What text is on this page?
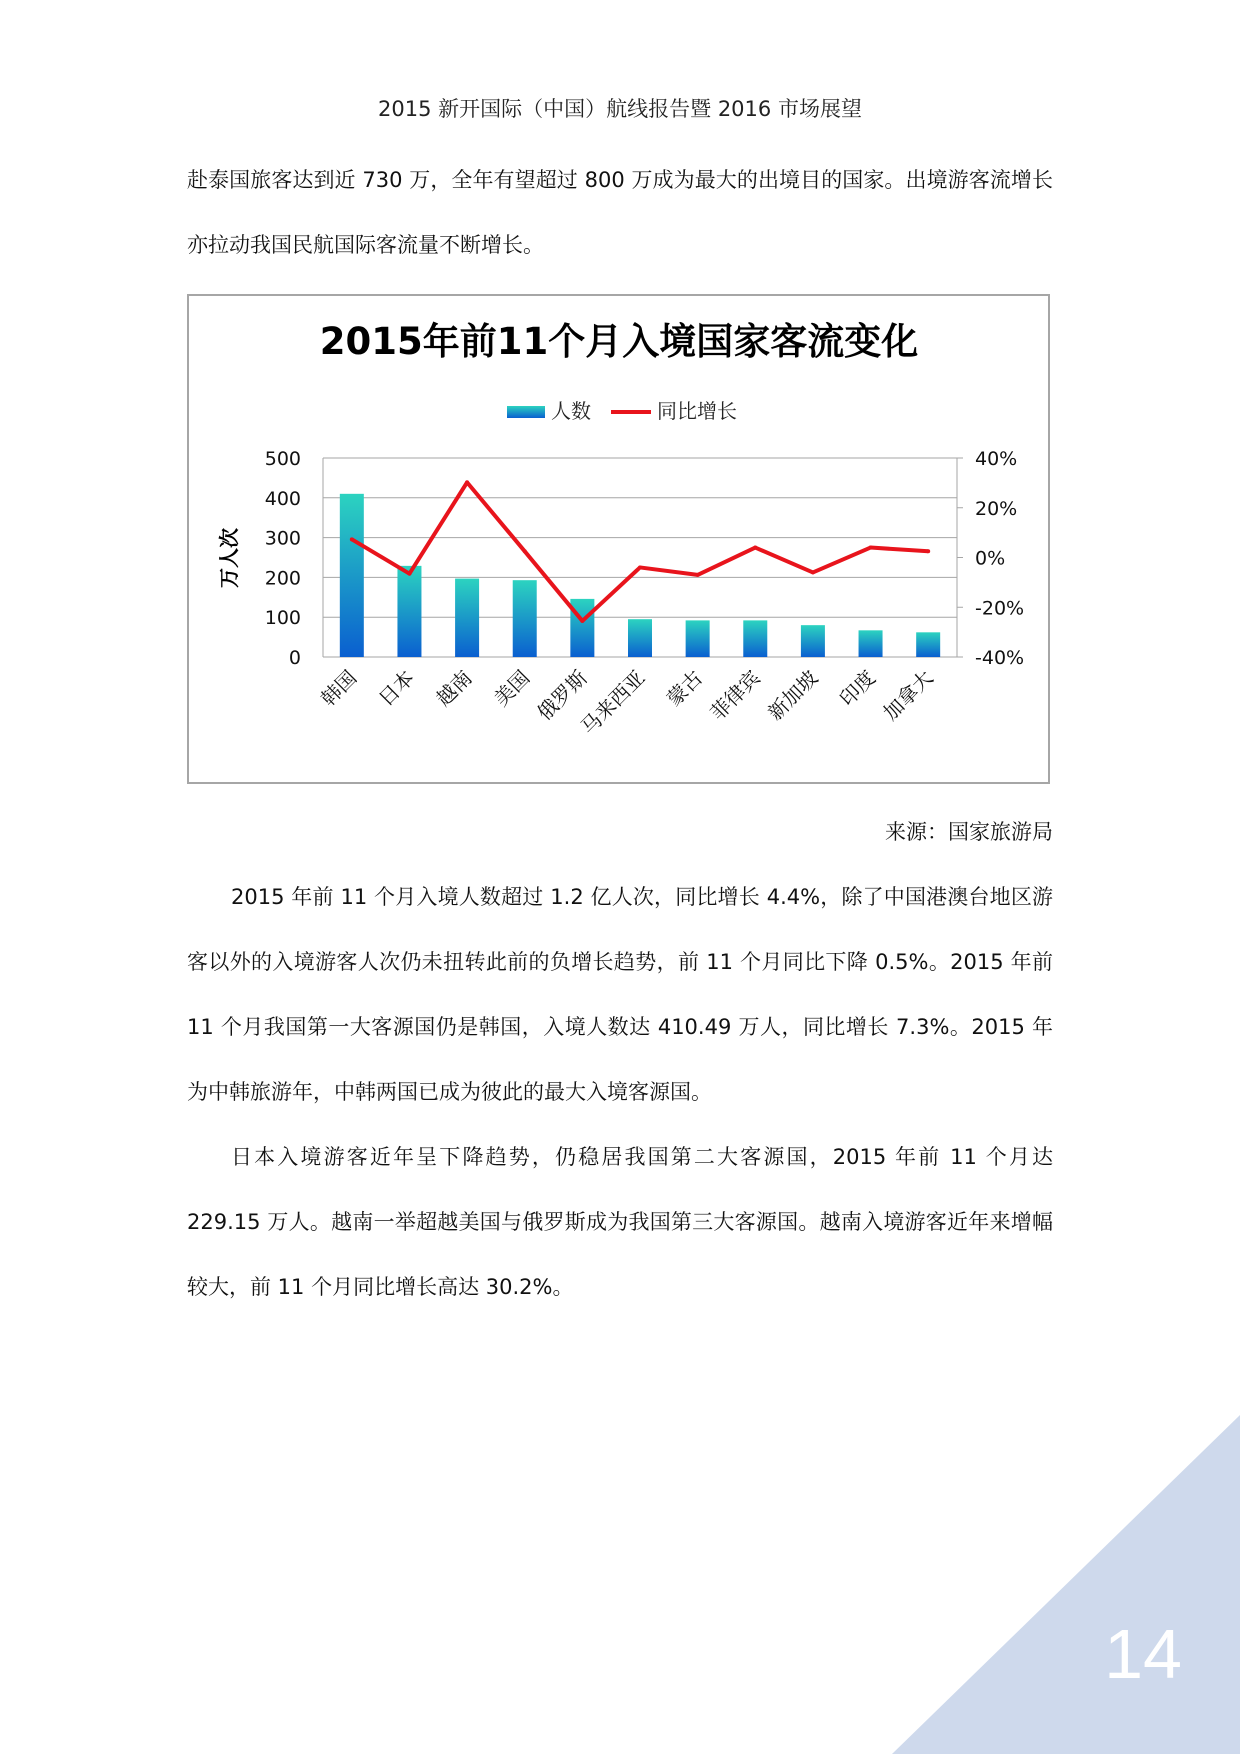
2015 新开国际（中国）航线报告暨 2016 市场展望

赴泰国旅客达到近 730 万，全年有望超过 800 万成为最大的出境目的国家。出境游客流增长亦拉动我国民航国际客流量不断增长。

2015年前11个月入境国家客流变化
人数	同比增长
0
100
200
300
400
500
-40%
-20%
0%
20%
40%
万人次
韩国 日本 越南 美国
俄罗斯
马来西亚 蒙古
菲律宾
新加坡 印度
加拿大
来源：国家旅游局

2015 年前 11 个月入境人数超过 1.2 亿人次，同比增长 4.4%，除了中国港澳台地区游客以外的入境游客人次仍未扭转此前的负增长趋势，前 11 个月同比下降 0.5%。2015 年前 11 个月我国第一大客源国仍是韩国，入境人数达 410.49 万人，同比增长 7.3%。2015 年为中韩旅游年，中韩两国已成为彼此的最大入境客源国。

日本入境游客近年呈下降趋势，仍稳居我国第二大客源国，2015 年前 11 个月达 229.15 万人。越南一举超越美国与俄罗斯成为我国第三大客源国。越南入境游客近年来增幅较大，前 11 个月同比增长高达 30.2%。

14
